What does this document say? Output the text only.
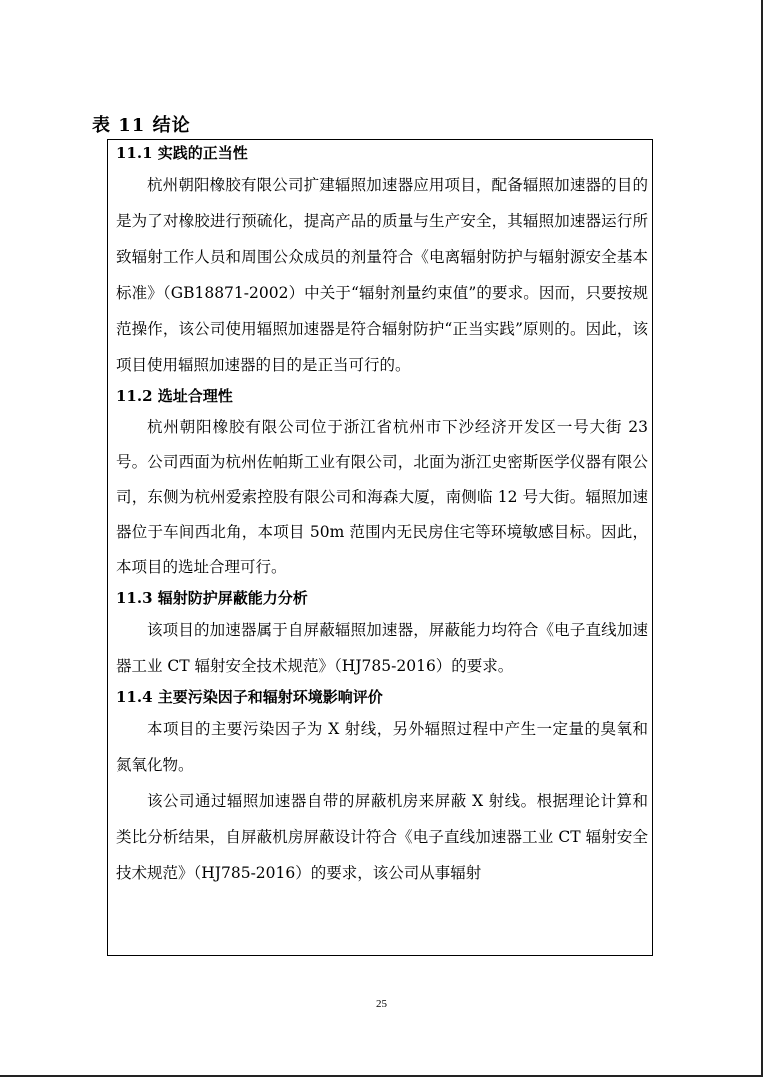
表 11 结论
11.1 实践的正当性

杭州朝阳橡胶有限公司扩建辐照加速器应用项目，配备辐照加速器的目的是为了对橡胶进行预硫化，提高产品的质量与生产安全，其辐照加速器运行所致辐射工作人员和周围公众成员的剂量符合《电离辐射防护与辐射源安全基本标准》（GB18871-2002）中关于“辐射剂量约束值”的要求。因而，只要按规范操作，该公司使用辐照加速器是符合辐射防护“正当实践”原则的。因此，该项目使用辐照加速器的目的是正当可行的。

11.2 选址合理性

杭州朝阳橡胶有限公司位于浙江省杭州市下沙经济开发区一号大街 23 号。公司西面为杭州佐帕斯工业有限公司，北面为浙江史密斯医学仪器有限公司，东侧为杭州爱索控股有限公司和海森大厦，南侧临 12 号大街。辐照加速器位于车间西北角，本项目 50m 范围内无民房住宅等环境敏感目标。因此，本项目的选址合理可行。

11.3 辐射防护屏蔽能力分析

该项目的加速器属于自屏蔽辐照加速器，屏蔽能力均符合《电子直线加速器工业 CT 辐射安全技术规范》（HJ785-2016）的要求。

11.4 主要污染因子和辐射环境影响评价

本项目的主要污染因子为 X 射线，另外辐照过程中产生一定量的臭氧和氮氧化物。

该公司通过辐照加速器自带的屏蔽机房来屏蔽 X 射线。根据理论计算和类比分析结果，自屏蔽机房屏蔽设计符合《电子直线加速器工业 CT 辐射安全技术规范》（HJ785-2016）的要求，该公司从事辐射

25
